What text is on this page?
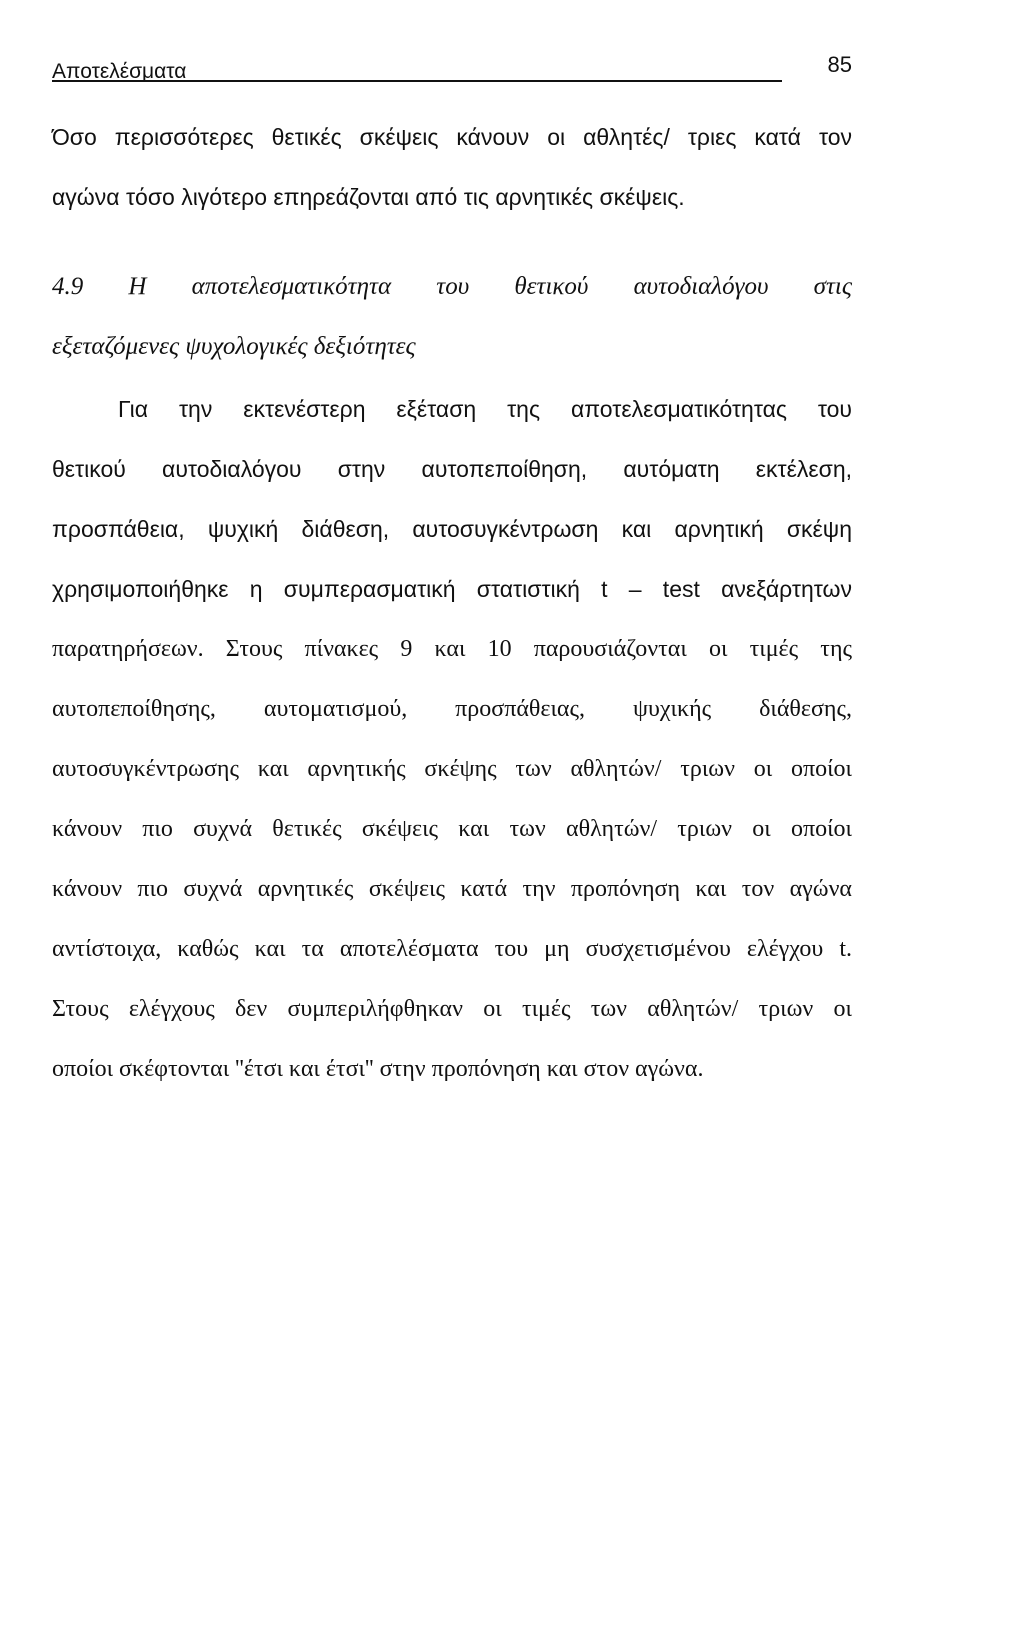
Αποτελέσματα	85
Όσο περισσότερες θετικές σκέψεις κάνουν οι αθλητές/ τριες κατά τον
αγώνα τόσο λιγότερο επηρεάζονται από τις αρνητικές σκέψεις.
4.9 Η αποτελεσματικότητα του θετικού αυτοδιαλόγου στις
εξεταζόμενες ψυχολογικές δεξιότητες
Για την εκτενέστερη εξέταση της αποτελεσματικότητας του
θετικού αυτοδιαλόγου στην αυτοπεποίθηση, αυτόματη εκτέλεση,
προσπάθεια, ψυχική διάθεση, αυτοσυγκέντρωση και αρνητική σκέψη
χρησιμοποιήθηκε η συμπερασματική στατιστική t – test ανεξάρτητων
παρατηρήσεων. Στους πίνακες 9 και 10 παρουσιάζονται οι τιμές της
αυτοπεποίθησης, αυτοματισμού, προσπάθειας, ψυχικής διάθεσης,
αυτοσυγκέντρωσης και αρνητικής σκέψης των αθλητών/ τριων οι οποίοι
κάνουν πιο συχνά θετικές σκέψεις και των αθλητών/ τριων οι οποίοι
κάνουν πιο συχνά αρνητικές σκέψεις κατά την προπόνηση και τον αγώνα
αντίστοιχα, καθώς και τα αποτελέσματα του μη συσχετισμένου ελέγχου t.
Στους ελέγχους δεν συμπεριλήφθηκαν οι τιμές των αθλητών/ τριων οι
οποίοι σκέφτονται ''έτσι και έτσι'' στην προπόνηση και στον αγώνα.
